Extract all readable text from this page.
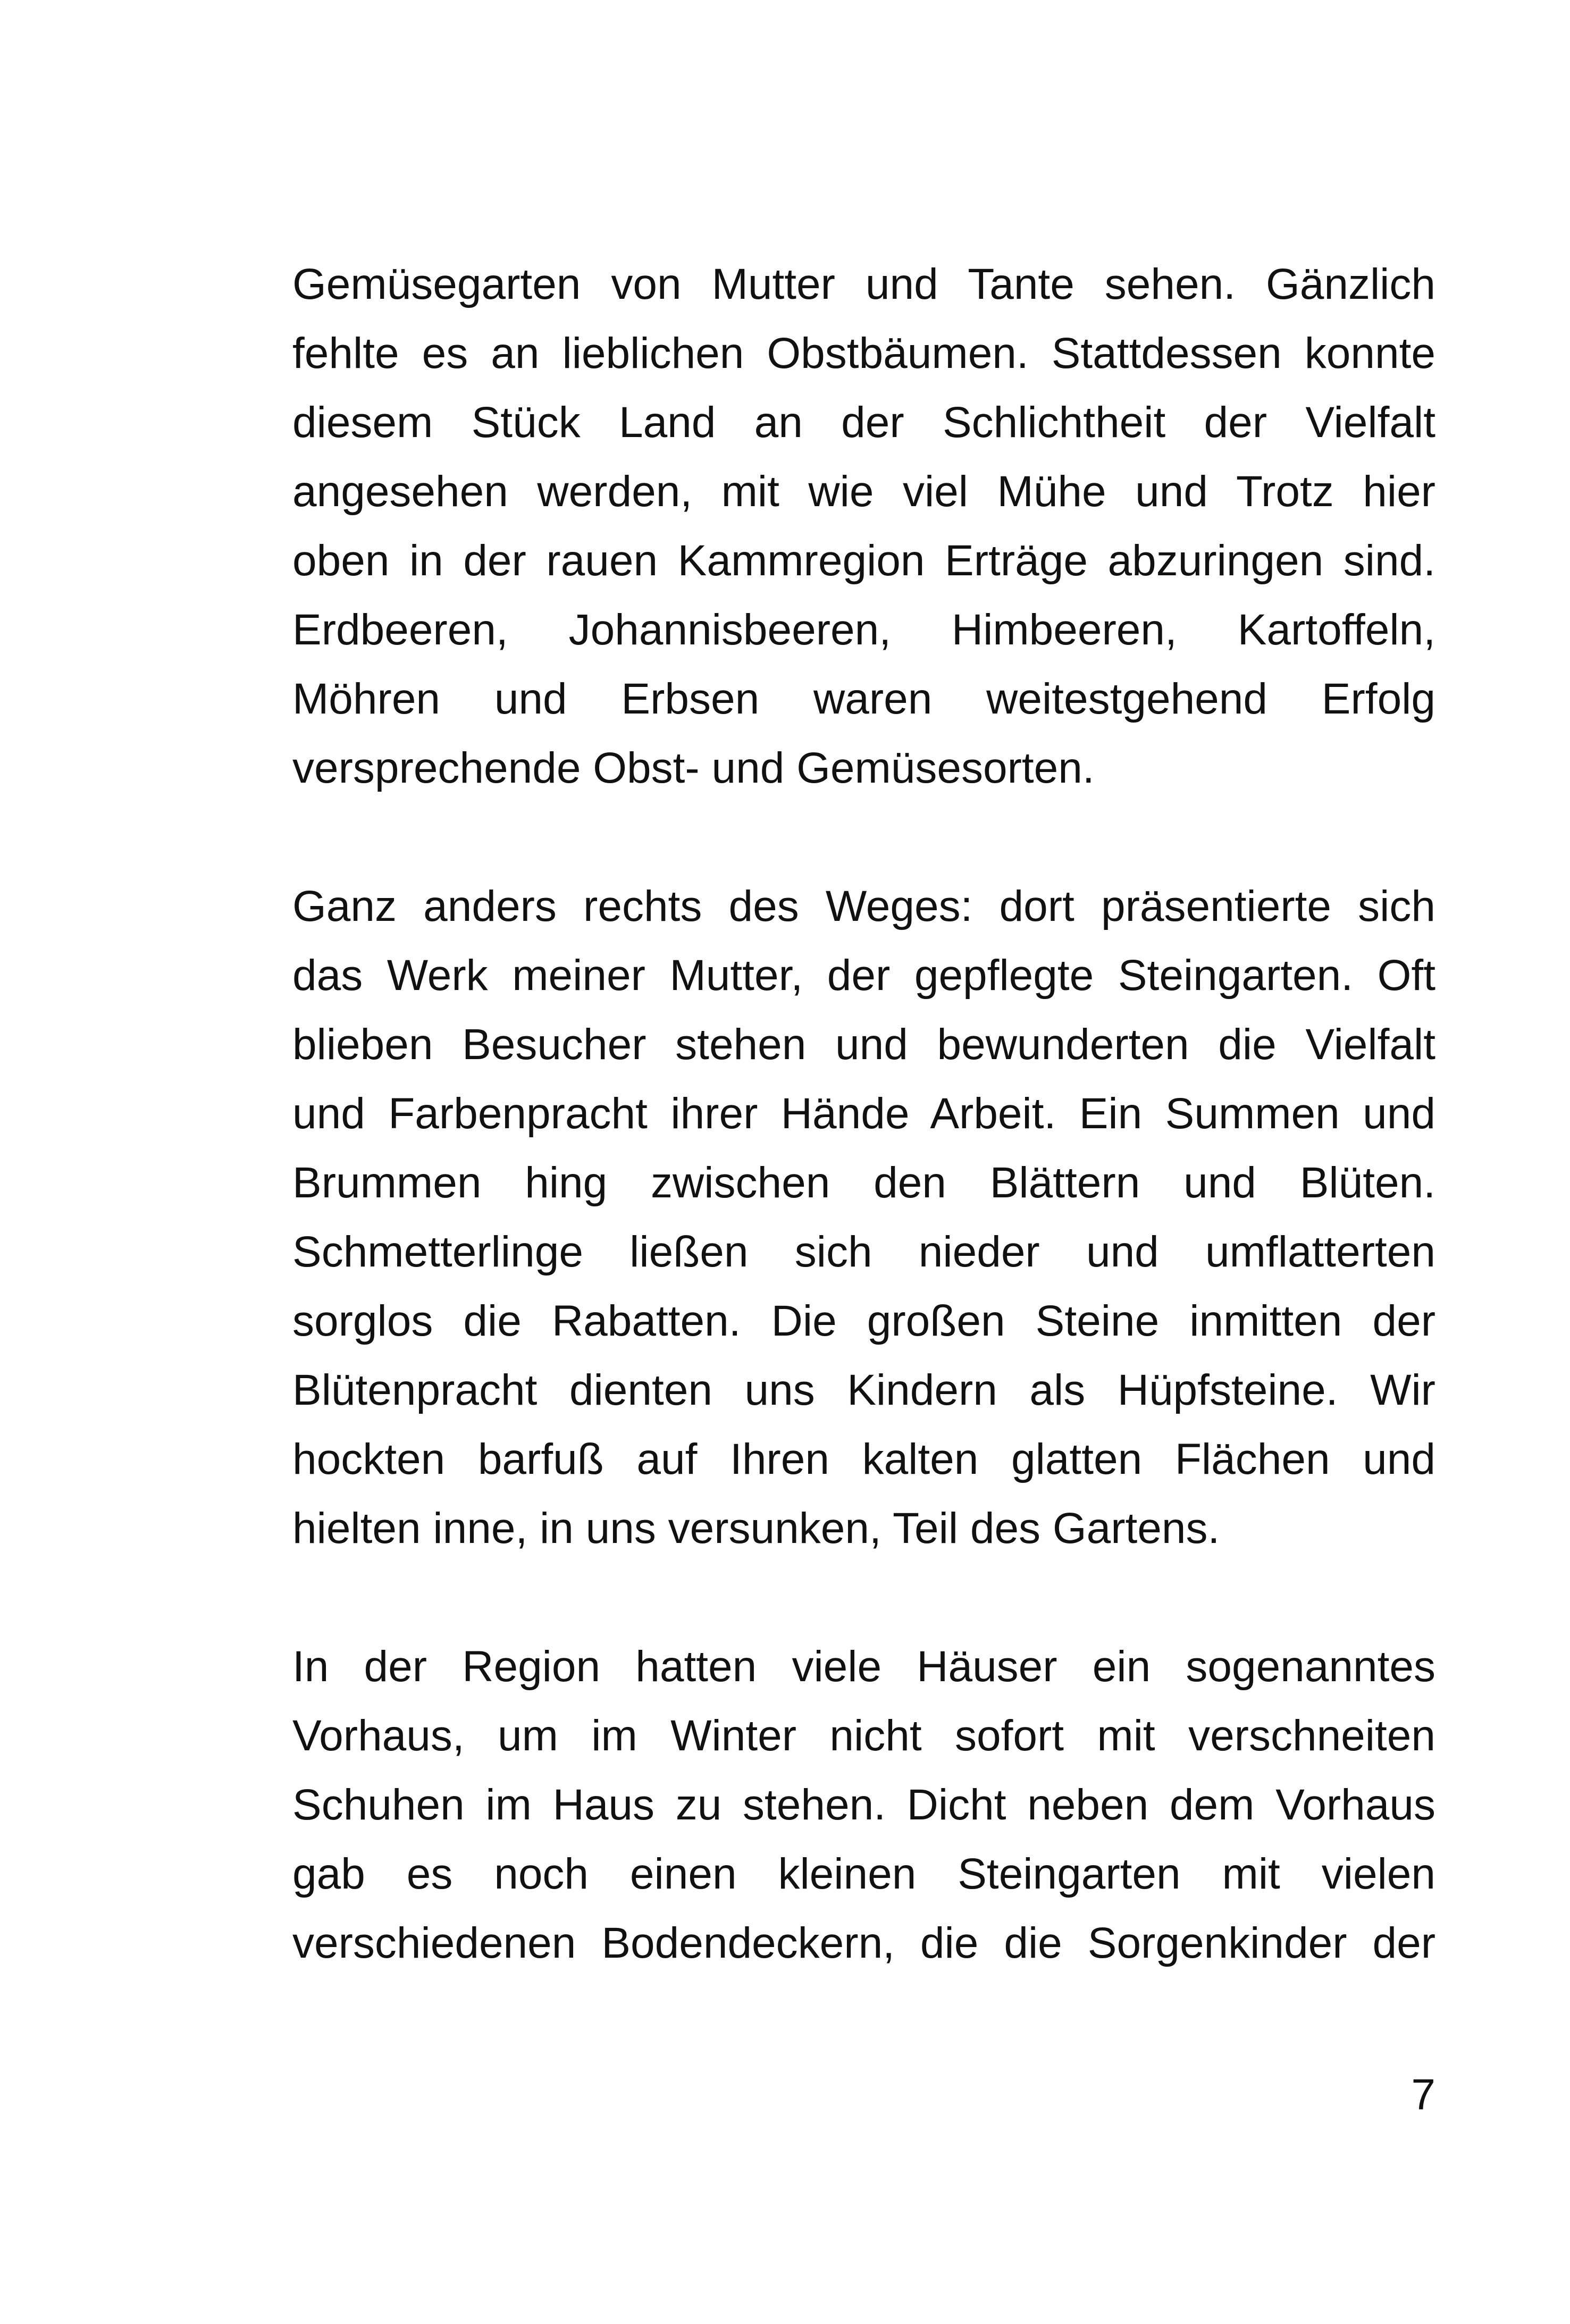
Gemüsegarten von Mutter und Tante sehen. Gänzlich
fehlte es an lieblichen Obstbäumen. Stattdessen konnte
diesem Stück Land an der Schlichtheit der Vielfalt
angesehen werden, mit wie viel Mühe und Trotz hier
oben in der rauen Kammregion Erträge abzuringen sind.
Erdbeeren, Johannisbeeren, Himbeeren, Kartoffeln,
Möhren und Erbsen waren weitestgehend Erfolg
versprechende Obst- und Gemüsesorten.
Ganz anders rechts des Weges: dort präsentierte sich
das Werk meiner Mutter, der gepflegte Steingarten. Oft
blieben Besucher stehen und bewunderten die Vielfalt
und Farbenpracht ihrer Hände Arbeit. Ein Summen und
Brummen hing zwischen den Blättern und Blüten.
Schmetterlinge ließen sich nieder und umflatterten
sorglos die Rabatten. Die großen Steine inmitten der
Blütenpracht dienten uns Kindern als Hüpfsteine. Wir
hockten barfuß auf Ihren kalten glatten Flächen und
hielten inne, in uns versunken, Teil des Gartens.
In der Region hatten viele Häuser ein sogenanntes
Vorhaus, um im Winter nicht sofort mit verschneiten
Schuhen im Haus zu stehen. Dicht neben dem Vorhaus
gab es noch einen kleinen Steingarten mit vielen
verschiedenen Bodendeckern, die die Sorgenkinder der
7
